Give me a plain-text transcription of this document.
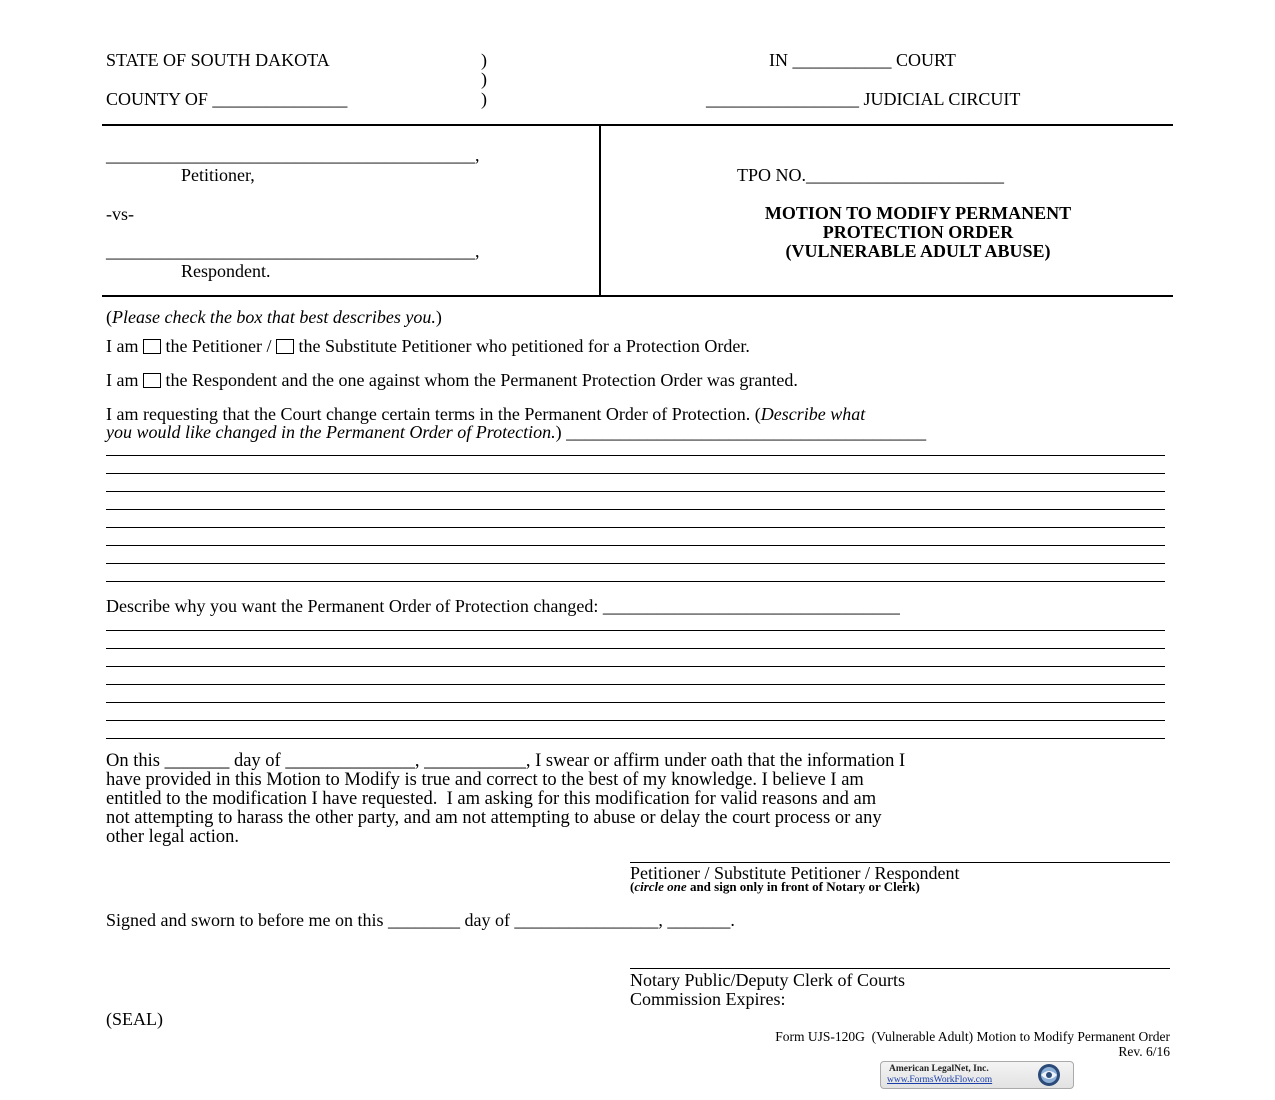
STATE OF SOUTH DAKOTA	)
)
)
COUNTY OF _______________
IN ___________ COURT
_________________ JUDICIAL CIRCUIT
_________________________________________,
Petitioner,
-vs-
_________________________________________,
Respondent.
TPO NO.______________________
MOTION TO MODIFY PERMANENT
PROTECTION ORDER
(VULNERABLE ADULT ABUSE)
(Please check the box that best describes you.)
I am the Petitioner / the Substitute Petitioner who petitioned for a Protection Order.
I am the Respondent and the one against whom the Permanent Protection Order was granted.
I am requesting that the Court change certain terms in the Permanent Order of Protection. (Describe what
you would like changed in the Permanent Order of Protection.) ________________________________________
Describe why you want the Permanent Order of Protection changed: _________________________________
On this _______ day of ______________, ___________, I swear or affirm under oath that the information I
have provided in this Motion to Modify is true and correct to the best of my knowledge. I believe I am
entitled to the modification I have requested.  I am asking for this modification for valid reasons and am
not attempting to harass the other party, and am not attempting to abuse or delay the court process or any
other legal action.
Petitioner / Substitute Petitioner / Respondent
(circle one and sign only in front of Notary or Clerk)
Signed and sworn to before me on this ________ day of ________________, _______.
Notary Public/Deputy Clerk of Courts
Commission Expires:
(SEAL)
Form UJS-120G  (Vulnerable Adult) Motion to Modify Permanent Order
Rev. 6/16
American LegalNet, Inc.
www.FormsWorkFlow.com
